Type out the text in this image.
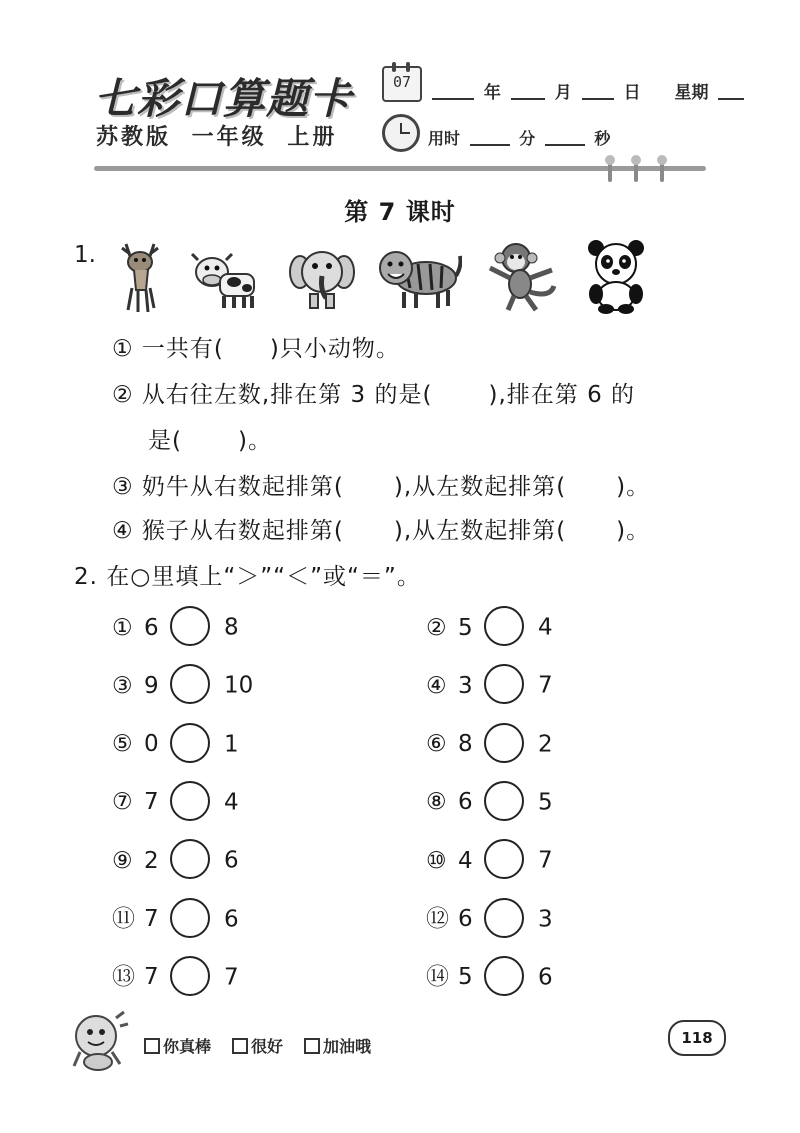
七彩口算题卡
苏教版 一年级 上册
07
年	月	日 星期
用时	分	秒
第 7 课时
1.
① 一共有( )只小动物。
② 从右往左数,排在第 3 的是( ),排在第 6 的
是( )。
③ 奶牛从右数起排第( ),从左数起排第( )。
④ 猴子从右数起排第( ),从左数起排第( )。
2. 在○里填上“＞”“＜”或“＝”。
① 6	8	② 5	4
③ 9	10	④ 3	7
⑤ 0	1	⑥ 8	2
⑦ 7	4	⑧ 6	5
⑨ 2	6	⑩ 4	7
⑪ 7	6	⑫ 6	3
⑬ 7	7	⑭ 5	6
你真棒	很好	加油哦	118
